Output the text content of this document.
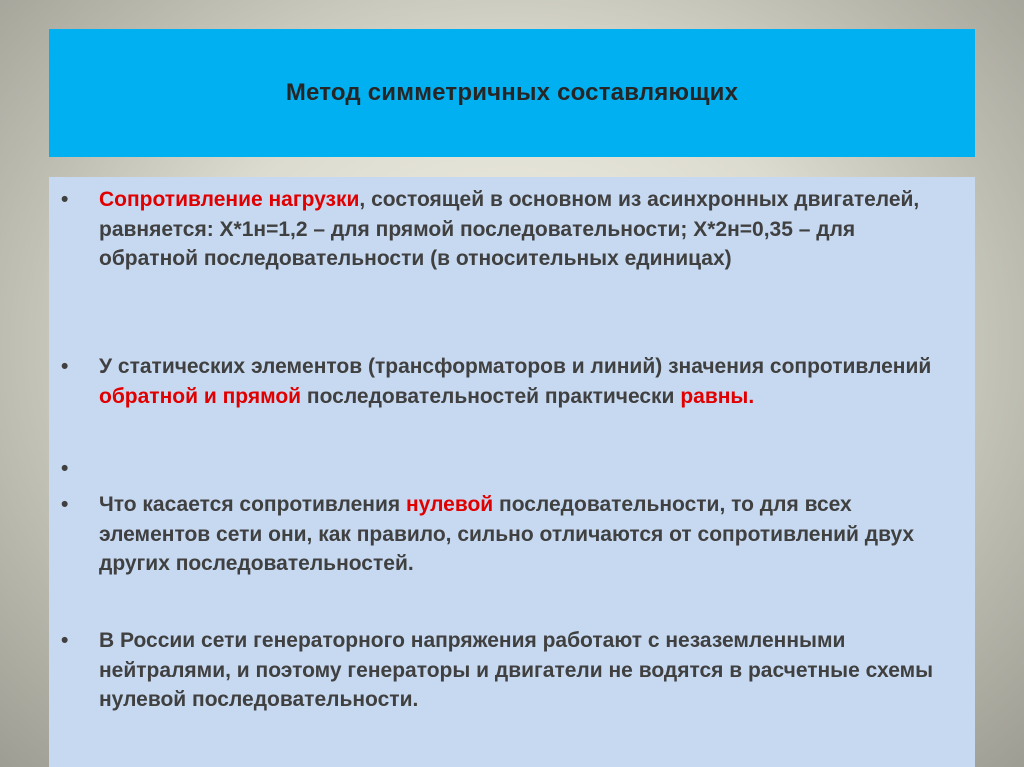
Метод симметричных составляющих
• Сопротивление нагрузки, состоящей в основном из асинхронных двигателей, равняется: X*1н=1,2 – для прямой последовательности; X*2н=0,35 – для обратной последовательности (в относительных единицах)
• У статических элементов (трансформаторов и линий) значения сопротивлений обратной и прямой последовательностей практически равны.
•

• Что касается сопротивления нулевой последовательности, то для всех элементов сети они, как правило, сильно отличаются от сопротивлений двух других последовательностей.
• В России сети генераторного напряжения работают с незаземленными нейтралями, и поэтому генераторы и двигатели не водятся в расчетные схемы нулевой последовательности.
